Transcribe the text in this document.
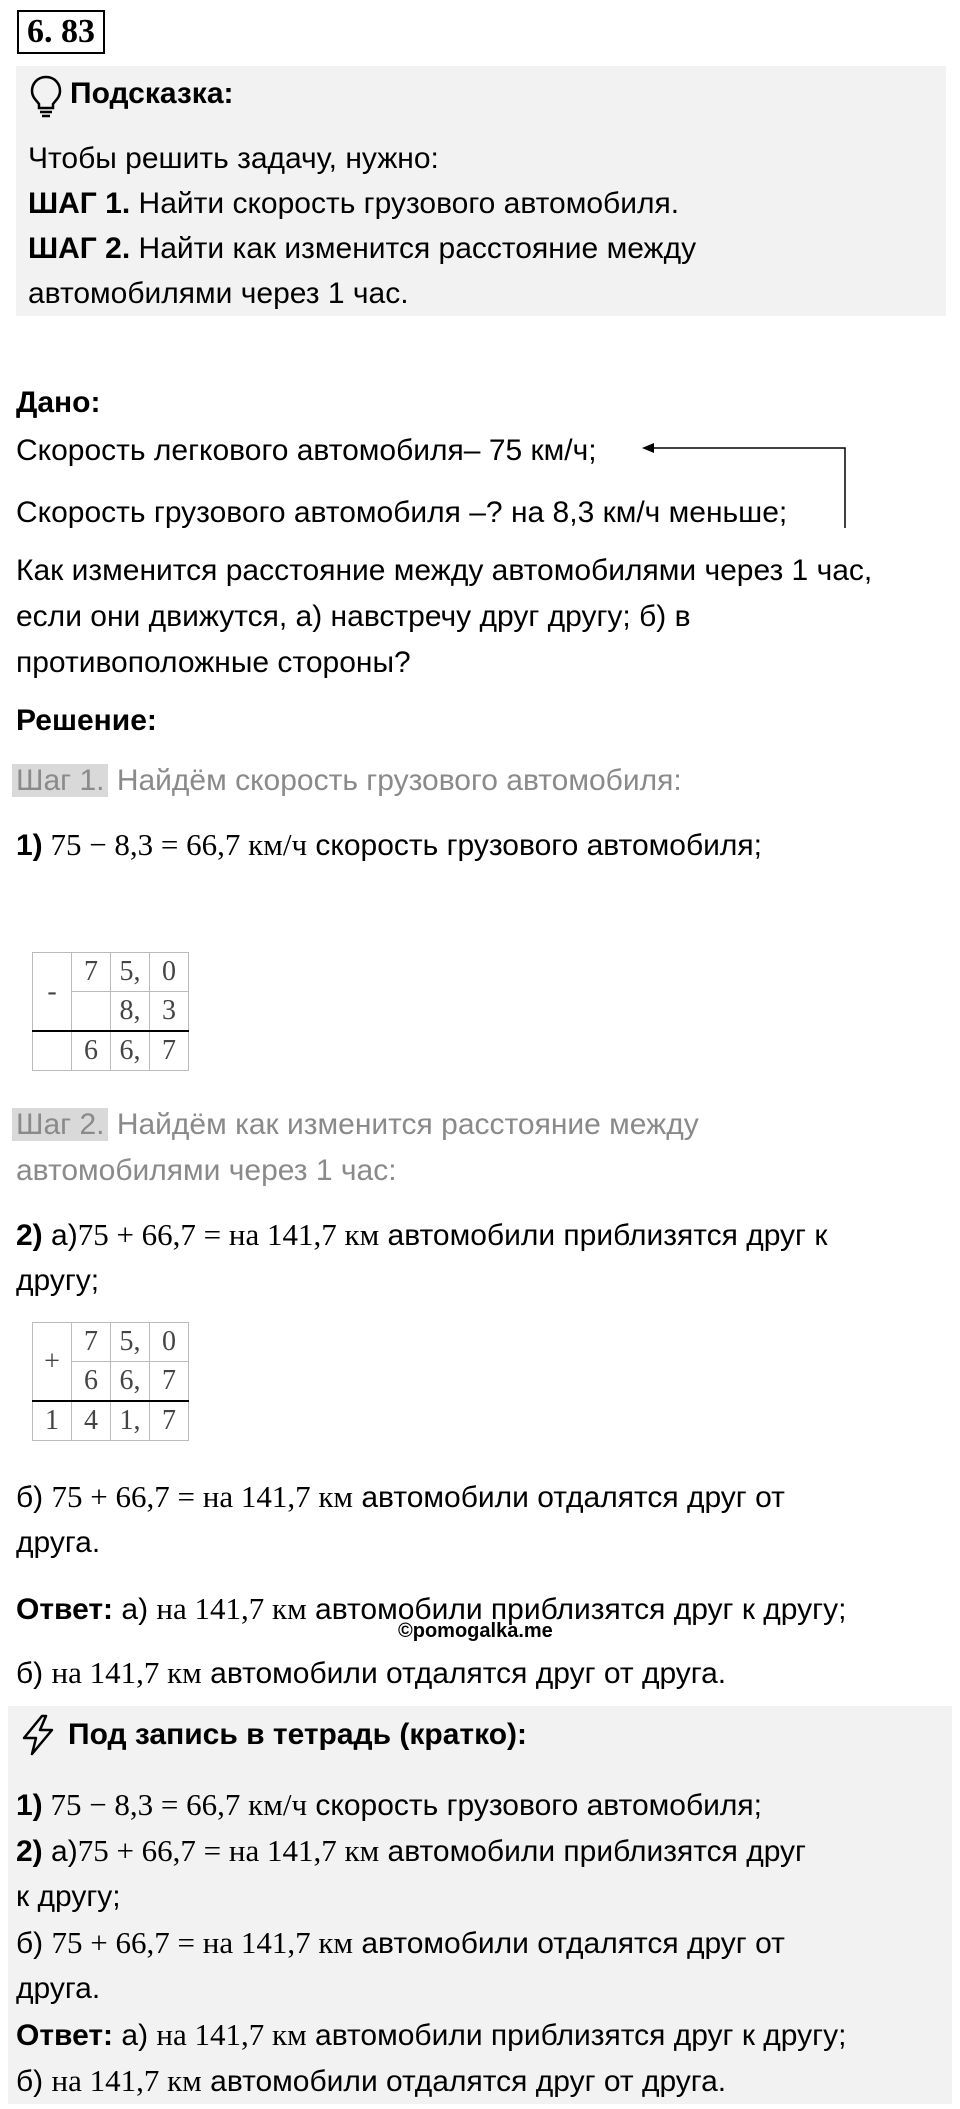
6. 83
Подсказка:
Чтобы решить задачу, нужно:
ШАГ 1. Найти скорость грузового автомобиля.
ШАГ 2. Найти как изменится расстояние между
автомобилями через 1 час.
Дано:
Скорость легкового автомобиля– 75 км/ч;
Скорость грузового автомобиля –? на 8,3 км/ч меньше;
Как изменится расстояние между автомобилями через 1 час,
если они движутся, а) навстречу друг другу; б) в
противоположные стороны?
Решение:
Шаг 1. Найдём скорость грузового автомобиля:
1) 75 − 8,3 = 66,7 км/ч скорость грузового автомобиля;
-	7	5,	0
		8,	3
	6	6,	7
Шаг 2. Найдём как изменится расстояние между
автомобилями через 1 час:
2) а)75 + 66,7 = на 141,7 км автомобили приблизятся друг к
другу;
+	7	5,	0
	6	6,	7
1	4	1,	7
б) 75 + 66,7 = на 141,7 км автомобили отдалятся друг от
друга.
Ответ: а) на 141,7 км автомобили приблизятся друг к другу;
©pomogalka.me
б) на 141,7 км автомобили отдалятся друг от друга.
Под запись в тетрадь (кратко):
1) 75 − 8,3 = 66,7 км/ч скорость грузового автомобиля;
2) а)75 + 66,7 = на 141,7 км автомобили приблизятся друг
к другу;
б) 75 + 66,7 = на 141,7 км автомобили отдалятся друг от
друга.
Ответ: а) на 141,7 км автомобили приблизятся друг к другу;
б) на 141,7 км автомобили отдалятся друг от друга.
